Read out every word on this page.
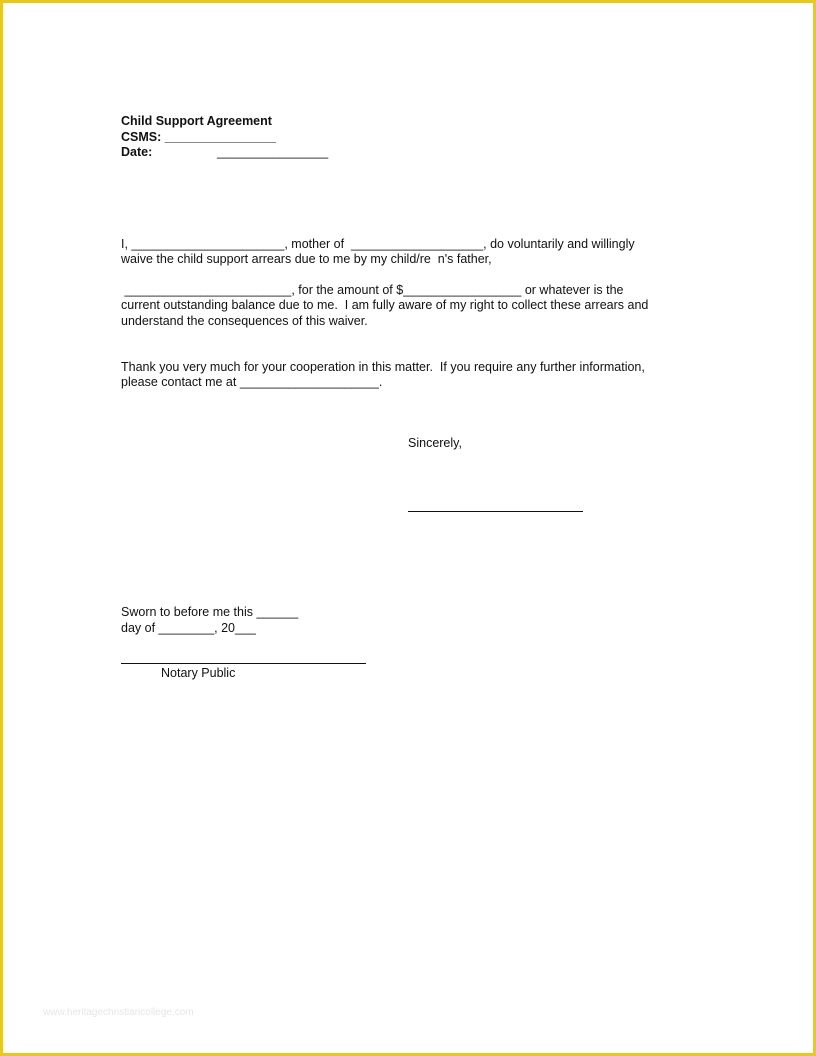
Child Support Agreement
CSMS: ________________
Date:	________________
I, ______________________, mother of  ___________________, do voluntarily and willingly
waive the child support arrears due to me by my child/re  n's father,
________________________, for the amount of $_________________ or whatever is the
current outstanding balance due to me.  I am fully aware of my right to collect these arrears and
understand the consequences of this waiver.
Thank you very much for your cooperation in this matter.  If you require any further information,
please contact me at ____________________.
Sincerely,
Sworn to before me this ______
day of ________, 20___
Notary Public
www.heritagechristiancollege.com
